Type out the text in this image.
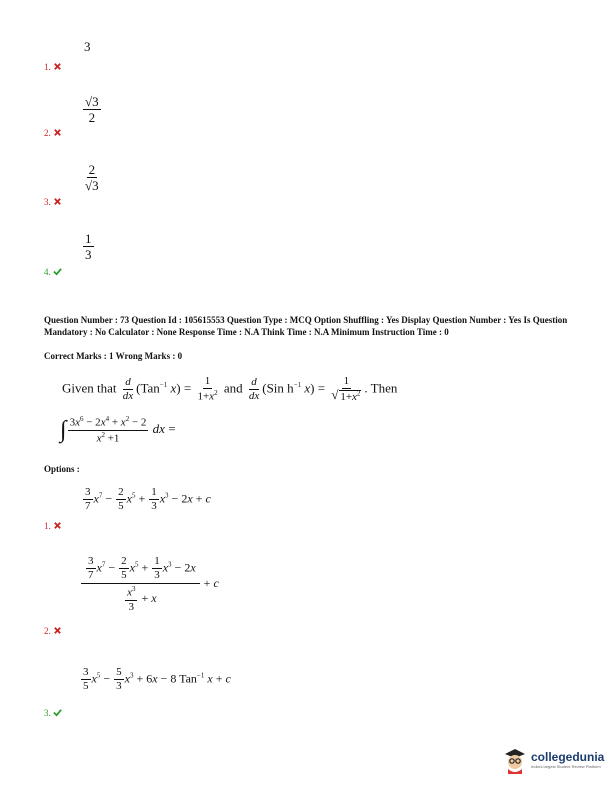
3
1.
$\frac{√3}{2}$
2.
$\frac{2}{√3}$
3.
$\frac{1}{3}$
4.
Question Number : 73 Question Id : 105615553 Question Type : MCQ Option Shuffling : Yes Display Question Number : Yes Is Question Mandatory : No Calculator : None Response Time : N.A Think Time : N.A Minimum Instruction Time : 0
Correct Marks : 1 Wrong Marks : 0
Given that $\frac{d}{dx} (Tan^{-1}$ $x) = \frac{1}{1+x^2}$ and $\frac{d}{dx} (Sin$ $h^{-1}$ $x) = \frac{1}{√ 1+x^2}$ . Then
∫ $\frac{3x^6 - 2x^4 + x^2 - 2}{x^2 +1}$ dx =
Options :
$\frac{3}{7} x^7 - \frac{2}{5} x^5 + \frac{1}{3} x^3 - 2x + c$
1.
$\frac{\frac{3}{7} x^7 - \frac{2}{5} x^5 + \frac{1}{3} x^3 - 2x}{\frac{x^3}{3} + x} + c$
2.
$\frac{3}{5} x^5 - \frac{5}{3} x^3 + 6x - 8$ Tan$^{-1}$ x + c
3.
collegedunia
India's largest Student Review Platform
